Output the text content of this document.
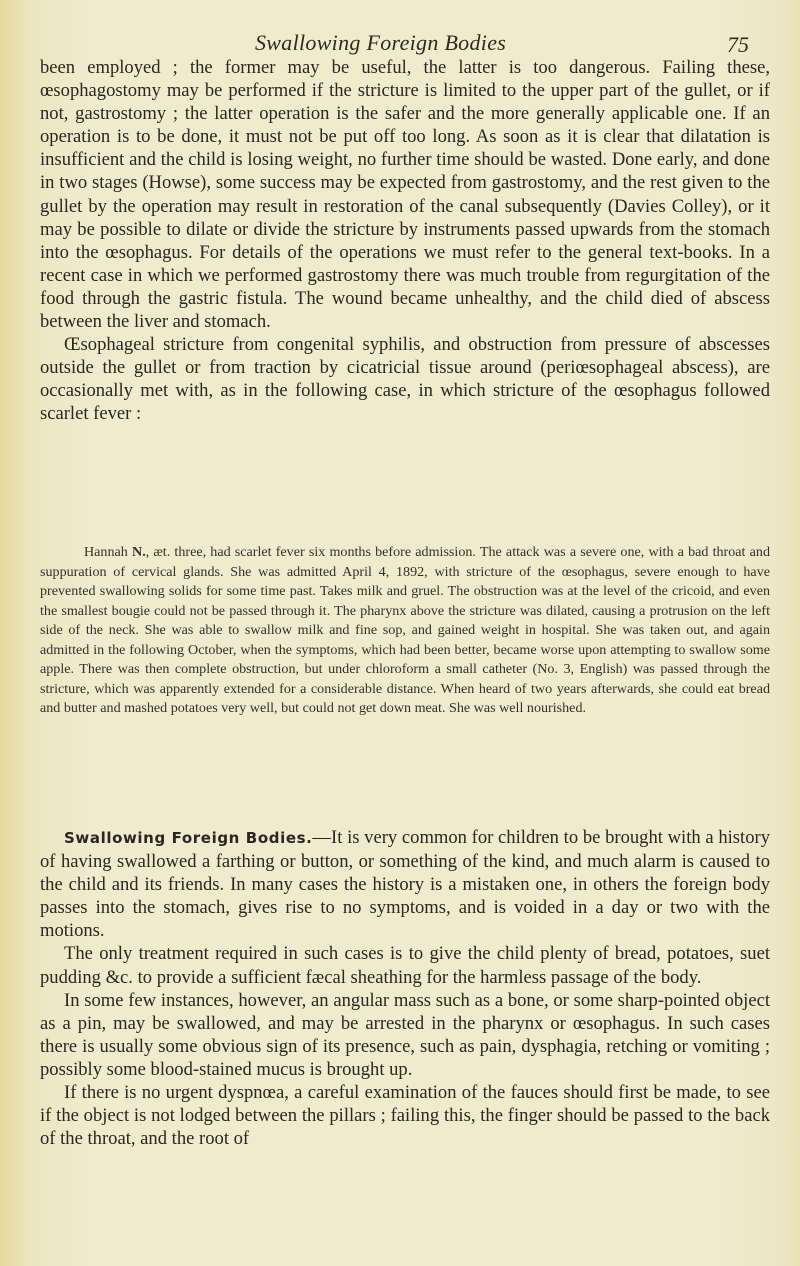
Swallowing Foreign Bodies	75

been employed ; the former may be useful, the latter is too dangerous. Failing these, œsophagostomy may be performed if the stricture is limited to the upper part of the gullet, or if not, gastrostomy ; the latter operation is the safer and the more generally applicable one. If an operation is to be done, it must not be put off too long. As soon as it is clear that dilatation is insufficient and the child is losing weight, no further time should be wasted. Done early, and done in two stages (Howse), some success may be expected from gastrostomy, and the rest given to the gullet by the operation may result in restoration of the canal subsequently (Davies Colley), or it may be possible to dilate or divide the stricture by instruments passed upwards from the stomach into the œsophagus. For details of the operations we must refer to the general text-books. In a recent case in which we performed gastrostomy there was much trouble from regurgitation of the food through the gastric fistula. The wound became unhealthy, and the child died of abscess between the liver and stomach.

Œsophageal stricture from congenital syphilis, and obstruction from pressure of abscesses outside the gullet or from traction by cicatricial tissue around (periœsophageal abscess), are occasionally met with, as in the following case, in which stricture of the œsophagus followed scarlet fever :

Hannah N., æt. three, had scarlet fever six months before admission. The attack was a severe one, with a bad throat and suppuration of cervical glands. She was admitted April 4, 1892, with stricture of the œsophagus, severe enough to have prevented swallowing solids for some time past. Takes milk and gruel. The obstruction was at the level of the cricoid, and even the smallest bougie could not be passed through it. The pharynx above the stricture was dilated, causing a protrusion on the left side of the neck. She was able to swallow milk and fine sop, and gained weight in hospital. She was taken out, and again admitted in the following October, when the symptoms, which had been better, became worse upon attempting to swallow some apple. There was then complete obstruction, but under chloroform a small catheter (No. 3, English) was passed through the stricture, which was apparently extended for a considerable distance. When heard of two years afterwards, she could eat bread and butter and mashed potatoes very well, but could not get down meat. She was well nourished.

Swallowing Foreign Bodies.—It is very common for children to be brought with a history of having swallowed a farthing or button, or something of the kind, and much alarm is caused to the child and its friends. In many cases the history is a mistaken one, in others the foreign body passes into the stomach, gives rise to no symptoms, and is voided in a day or two with the motions.

The only treatment required in such cases is to give the child plenty of bread, potatoes, suet pudding &c. to provide a sufficient fæcal sheathing for the harmless passage of the body.

In some few instances, however, an angular mass such as a bone, or some sharp-pointed object as a pin, may be swallowed, and may be arrested in the pharynx or œsophagus. In such cases there is usually some obvious sign of its presence, such as pain, dysphagia, retching or vomiting ; possibly some blood-stained mucus is brought up.

If there is no urgent dyspnœa, a careful examination of the fauces should first be made, to see if the object is not lodged between the pillars ; failing this, the finger should be passed to the back of the throat, and the root of
